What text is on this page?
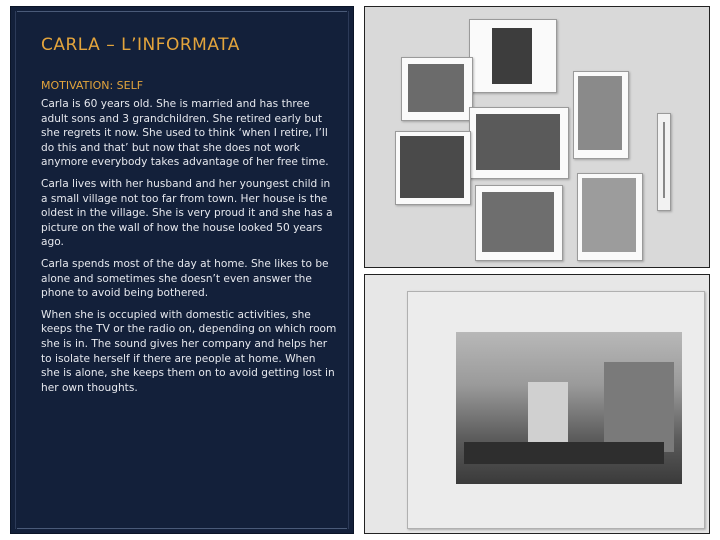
CARLA – L’INFORMATA
MOTIVATION: SELF

Carla is 60 years old. She is married and has three adult sons and 3 grandchildren. She retired early but she regrets it now. She used to think ‘when I retire, I’ll do this and that’ but now that she does not work anymore everybody takes advantage of her free time.

Carla lives with her husband and her youngest child in a small village not too far from town. Her house is the oldest in the village. She is very proud it and she has a picture on the wall of how the house looked 50 years ago.

Carla spends most of the day at home. She likes to be alone and sometimes she doesn’t even answer the phone to avoid being bothered.

When she is occupied with domestic activities, she keeps the TV or the radio on, depending on which room she is in. The sound gives her company and helps her to isolate herself if there are people at home. When she is alone, she keeps them on to avoid getting lost in her own thoughts.
